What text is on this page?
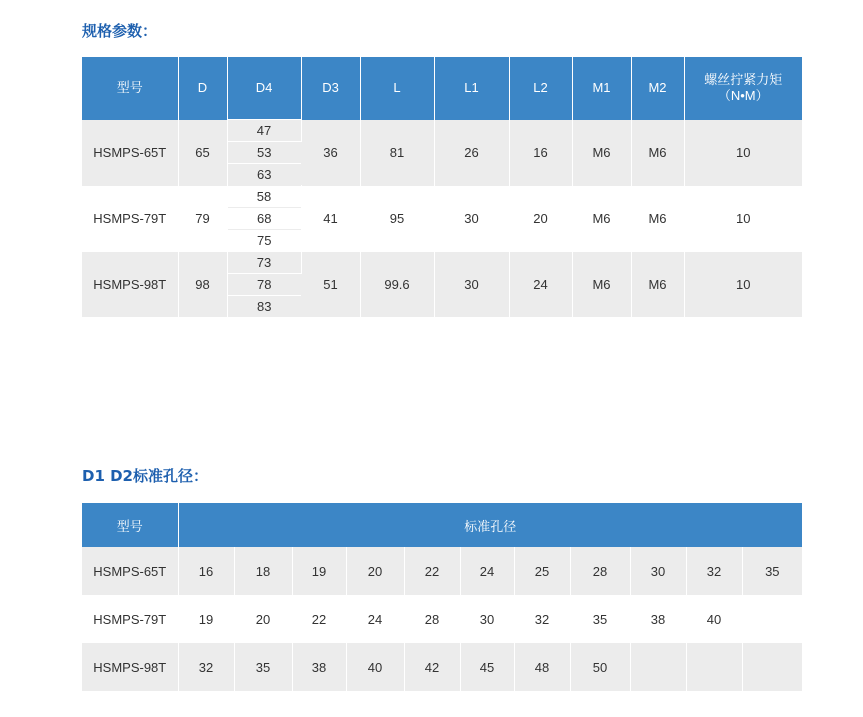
规格参数：
型号	D	D4	D3	L	L1	L2	M1	M2	螺丝拧紧力矩
（N•M）

HSMPS-65T	65	47	36	81	26	16	M6	M6	10
		53							
		63							
HSMPS-79T	79	58	41	95	30	20	M6	M6	10
		68							
		75							
HSMPS-98T	98	73	51	99.6	30	24	M6	M6	10
		78							
		83							
D1 D2标准孔径：
型号	标准孔径										
HSMPS-65T	16	18	19	20	22	24	25	28	30	32	35
HSMPS-79T	19	20	22	24	28	30	32	35	38	40	
HSMPS-98T	32	35	38	40	42	45	48	50			
